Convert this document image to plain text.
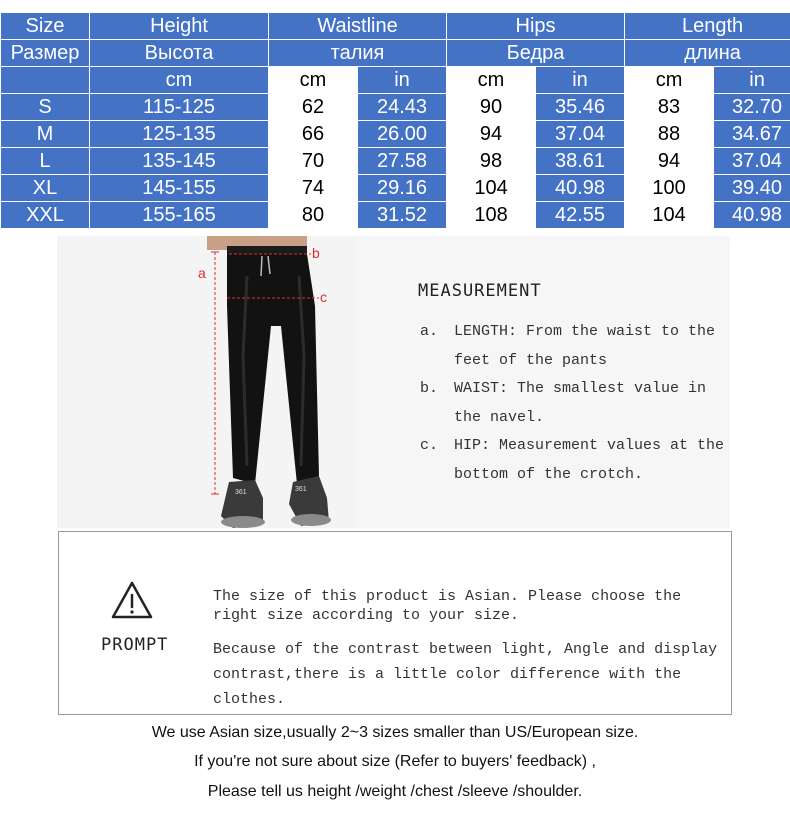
Size	Height	Waistline		Hips		Length	
Размер	Высота	талия		Бедра		длина	
	cm	cm	in	cm	in	cm	in
S	115-125	62	24.43	90	35.46	83	32.70
M	125-135	66	26.00	94	37.04	88	34.67
L	135-145	70	27.58	98	38.61	94	37.04
XL	145-155	74	29.16	104	40.98	100	39.40
XXL	155-165	80	31.52	108	42.55	104	40.98
361	361
a
b
c	MEASUREMENT
a.	LENGTH: From the waist to the
feet of the pants
b.	WAIST: The smallest value in
the navel.
c.	HIP: Measurement values at the
bottom of the crotch.
PROMPT
The size of this product is Asian. Please choose the
right size according to your size.
Because of the contrast between light, Angle and display
contrast,there is a little color difference with the clothes.
We use Asian size,usually 2~3 sizes smaller than US/European size.
If you're not sure about size (Refer to buyers' feedback) ,
Please tell us height /weight /chest /sleeve /shoulder.
